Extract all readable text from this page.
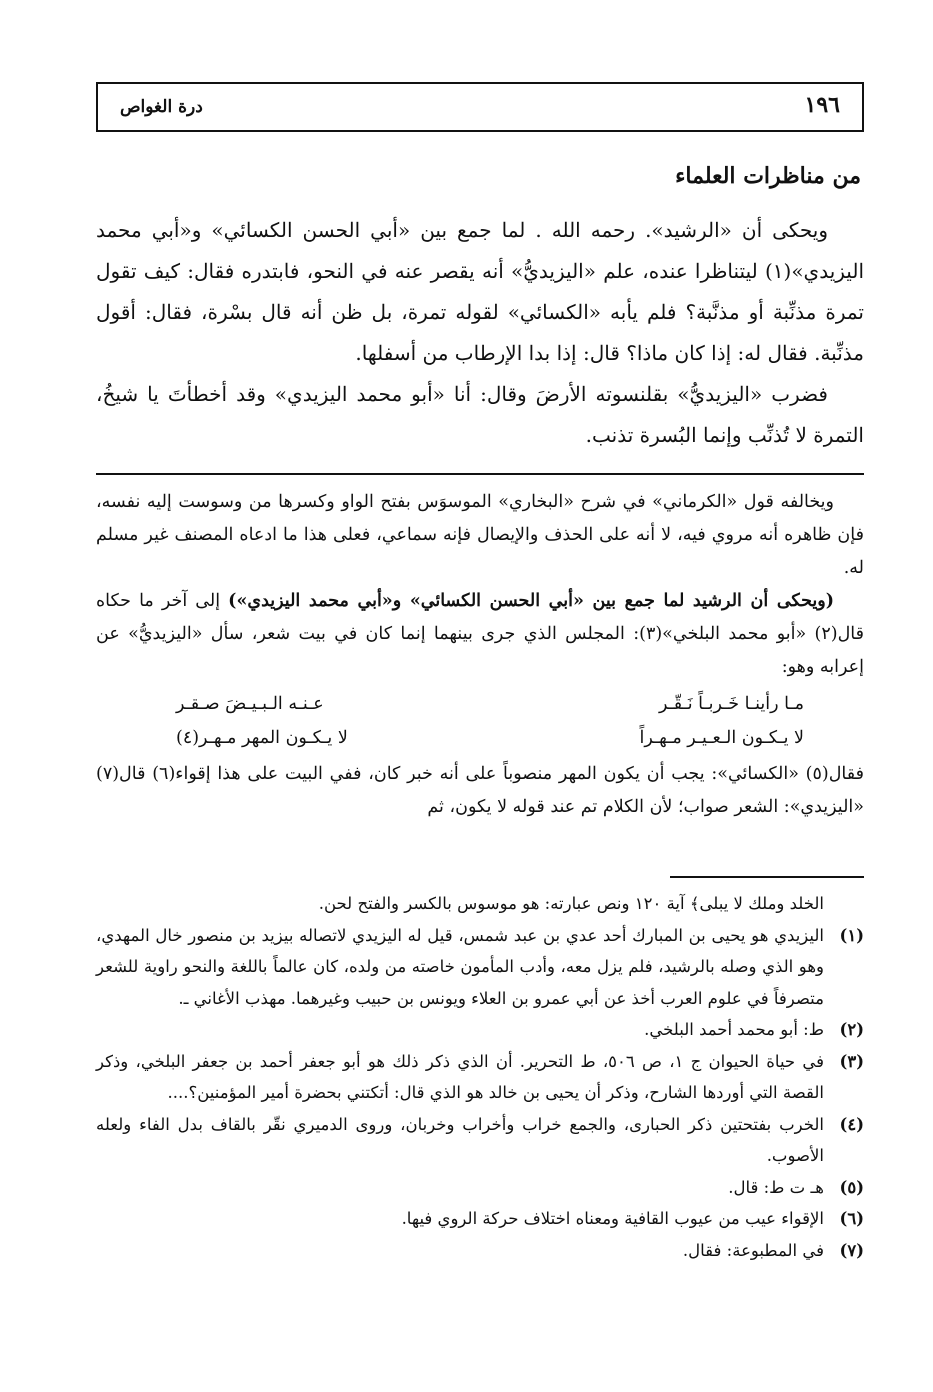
١٩٦
درة الغواص
من مناظرات العلماء

ويحكى أن «الرشيد». رحمه الله . لما جمع بين «أبي الحسن الكسائي» و«أبي محمد اليزيدي»(١) ليتناظرا عنده، علم «اليزيديُّ» أنه يقصر عنه في النحو، فابتدره فقال: كيف تقول تمرة مذنِّبة أو مذنَّبة؟ فلم يأبه «الكسائي» لقوله تمرة، بل ظن أنه قال بسْرة، فقال: أقول مذنِّبة. فقال له: إذا كان ماذا؟ قال: إذا بدا الإرطاب من أسفلها.

فضرب «اليزيديُّ» بقلنسوته الأرضَ وقال: أنا «أبو محمد اليزيدي» وقد أخطأتَ يا شيخُ، التمرة لا تُذنِّب وإنما البُسرة تذنب.

ويخالفه قول «الكرماني» في شرح «البخاري» الموسوَس بفتح الواو وكسرها من وسوست إليه نفسه، فإن ظاهره أنه مروي فيه، لا أنه على الحذف والإيصال فإنه سماعي، فعلى هذا ما ادعاه المصنف غير مسلم له.

(ويحكى أن الرشيد لما جمع بين «أبي الحسن الكسائي» و«أبي محمد اليزيدي») إلى آخر ما حكاه قال(٢) «أبو محمد البلخي»(٣): المجلس الذي جرى بينهما إنما كان في بيت شعر، سأل «اليزيديُّ» عن إعرابه وهو:

مـا رأينـا خَـربـاً نَـقّـر
عـنـه الـبـيـضَ صـقـر
لا يـكـون الـعـيـر مـهـراً
لا يـكـون المهر مـهـر(٤)

فقال(٥) «الكسائي»: يجب أن يكون المهر منصوباً على أنه خبر كان، ففي البيت على هذا إقواء(٦) قال(٧) «اليزيدي»: الشعر صواب؛ لأن الكلام تم عند قوله لا يكون، ثم

الخلد وملك لا يبلى﴾ آية ١٢٠ ونص عبارته: هو موسوس بالكسر والفتح لحن.
(١)
اليزيدي هو يحيى بن المبارك أحد عدي بن عبد شمس، قيل له اليزيدي لاتصاله بيزيد بن منصور خال المهدي، وهو الذي وصله بالرشيد، فلم يزل معه، وأدب المأمون خاصته من ولده، كان عالماً باللغة والنحو راوية للشعر متصرفاً في علوم العرب أخذ عن أبي عمرو بن العلاء ويونس بن حبيب وغيرهما. مهذب الأغاني ـ.
(٢)
ط: أبو محمد أحمد البلخي.
(٣)
في حياة الحيوان ج ١، ص ٥٠٦، ط التحرير. أن الذي ذكر ذلك هو أبو جعفر أحمد بن جعفر البلخي، وذكر القصة التي أوردها الشارح، وذكر أن يحيى بن خالد هو الذي قال: أتكتني بحضرة أمير المؤمنين؟....
(٤)
الخرب بفتحتين ذكر الحبارى، والجمع خراب وأخراب وخربان، وروى الدميري نقّر بالقاف بدل الفاء ولعله الأصوب.
(٥)
هـ ت ط: قال.
(٦)
الإقواء عيب من عيوب القافية ومعناه اختلاف حركة الروي فيها.
(٧)
في المطبوعة: فقال.
